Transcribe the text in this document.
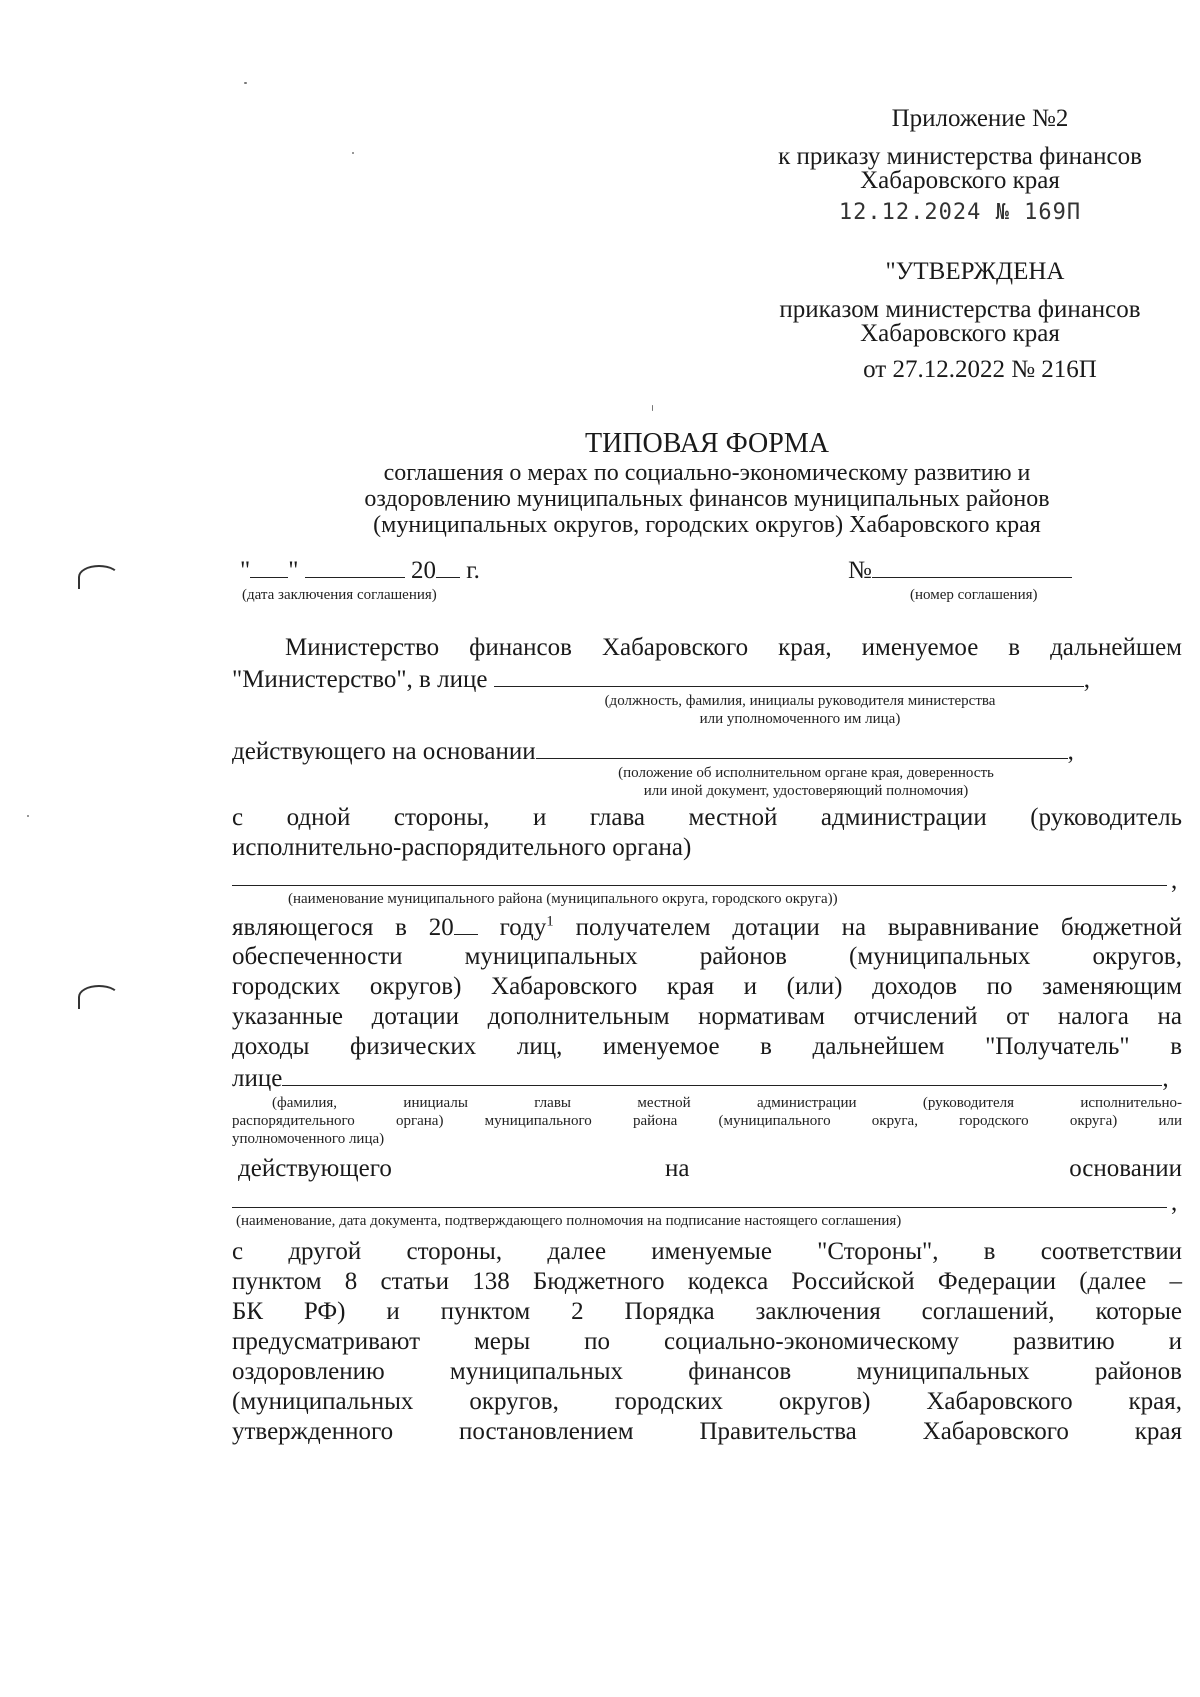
Приложение №2
к приказу министерства финансов
Хабаровского края
12.12.2024 № 169П
"УТВЕРЖДЕНА
приказом министерства финансов
Хабаровского края
от 27.12.2022 № 216П
ТИПОВАЯ ФОРМА
соглашения о мерах по социально-экономическому развитию и
оздоровлению муниципальных финансов муниципальных районов
(муниципальных округов, городских округов) Хабаровского края
" "	20 г.	№
(дата заключения соглашения)	(номер соглашения)
Министерство финансов Хабаровского края, именуемое в дальнейшем
"Министерство", в лице	,
(должность, фамилия, инициалы руководителя министерства
или уполномоченного им лица)
действующего на основании	,
(положение об исполнительном органе края, доверенность
или иной документ, удостоверяющий полномочия)
с одной стороны, и глава местной администрации (руководитель
исполнительно-распорядительного органа)
,
(наименование муниципального района (муниципального округа, городского округа))
являющегося в 20 году$^1$ получателем дотации на выравнивание бюджетной
обеспеченности муниципальных районов (муниципальных округов,
городских округов) Хабаровского края и (или) доходов по заменяющим
указанные дотации дополнительным нормативам отчислений от налога на
доходы физических лиц, именуемое в дальнейшем "Получатель" в
лице	,
(фамилия, инициалы главы местной администрации (руководителя исполнительно-
распорядительного органа) муниципального района (муниципального округа, городского округа) или
уполномоченного лица)
действующего	на	основании
,
(наименование, дата документа, подтверждающего полномочия на подписание настоящего соглашения)
с другой стороны, далее именуемые "Стороны", в соответствии
пунктом 8 статьи 138 Бюджетного кодекса Российской Федерации (далее –
БК РФ) и пунктом 2 Порядка заключения соглашений, которые
предусматривают меры по социально-экономическому развитию и
оздоровлению муниципальных финансов муниципальных районов
(муниципальных округов, городских округов) Хабаровского края,
утвержденного постановлением Правительства Хабаровского края
